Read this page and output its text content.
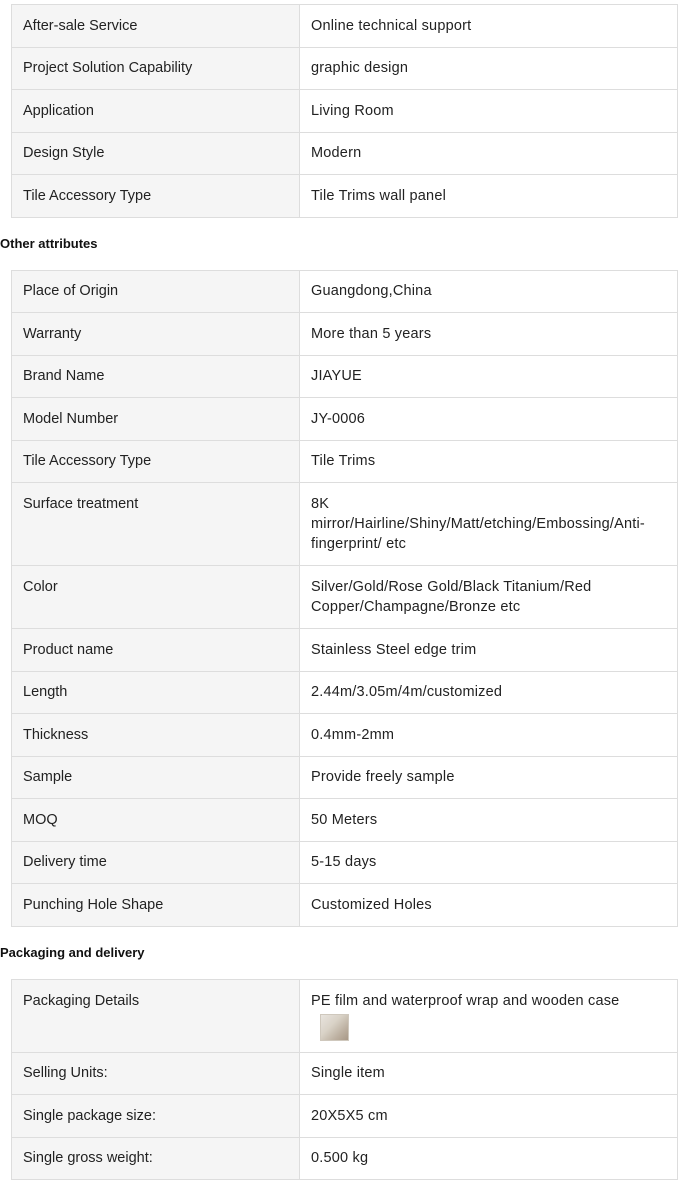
After-sale Service	Online technical support
Project Solution Capability	graphic design
Application	Living Room
Design Style	Modern
Tile Accessory Type	Tile Trims wall panel
Other attributes
Place of Origin	Guangdong,China
Warranty	More than 5 years
Brand Name	JIAYUE
Model Number	JY-0006
Tile Accessory Type	Tile Trims
Surface treatment	8K mirror/Hairline/Shiny/Matt/etching/Embossing/Anti-fingerprint/ etc
Color	Silver/Gold/Rose Gold/Black Titanium/Red Copper/Champagne/Bronze etc
Product name	Stainless Steel edge trim
Length	2.44m/3.05m/4m/customized
Thickness	0.4mm-2mm
Sample	Provide freely sample
MOQ	50 Meters
Delivery time	5-15 days
Punching Hole Shape	Customized Holes
Packaging and delivery
Packaging Details	PE film and waterproof wrap and wooden case

Selling Units:	Single item
Single package size:	20X5X5 cm
Single gross weight:	0.500 kg
